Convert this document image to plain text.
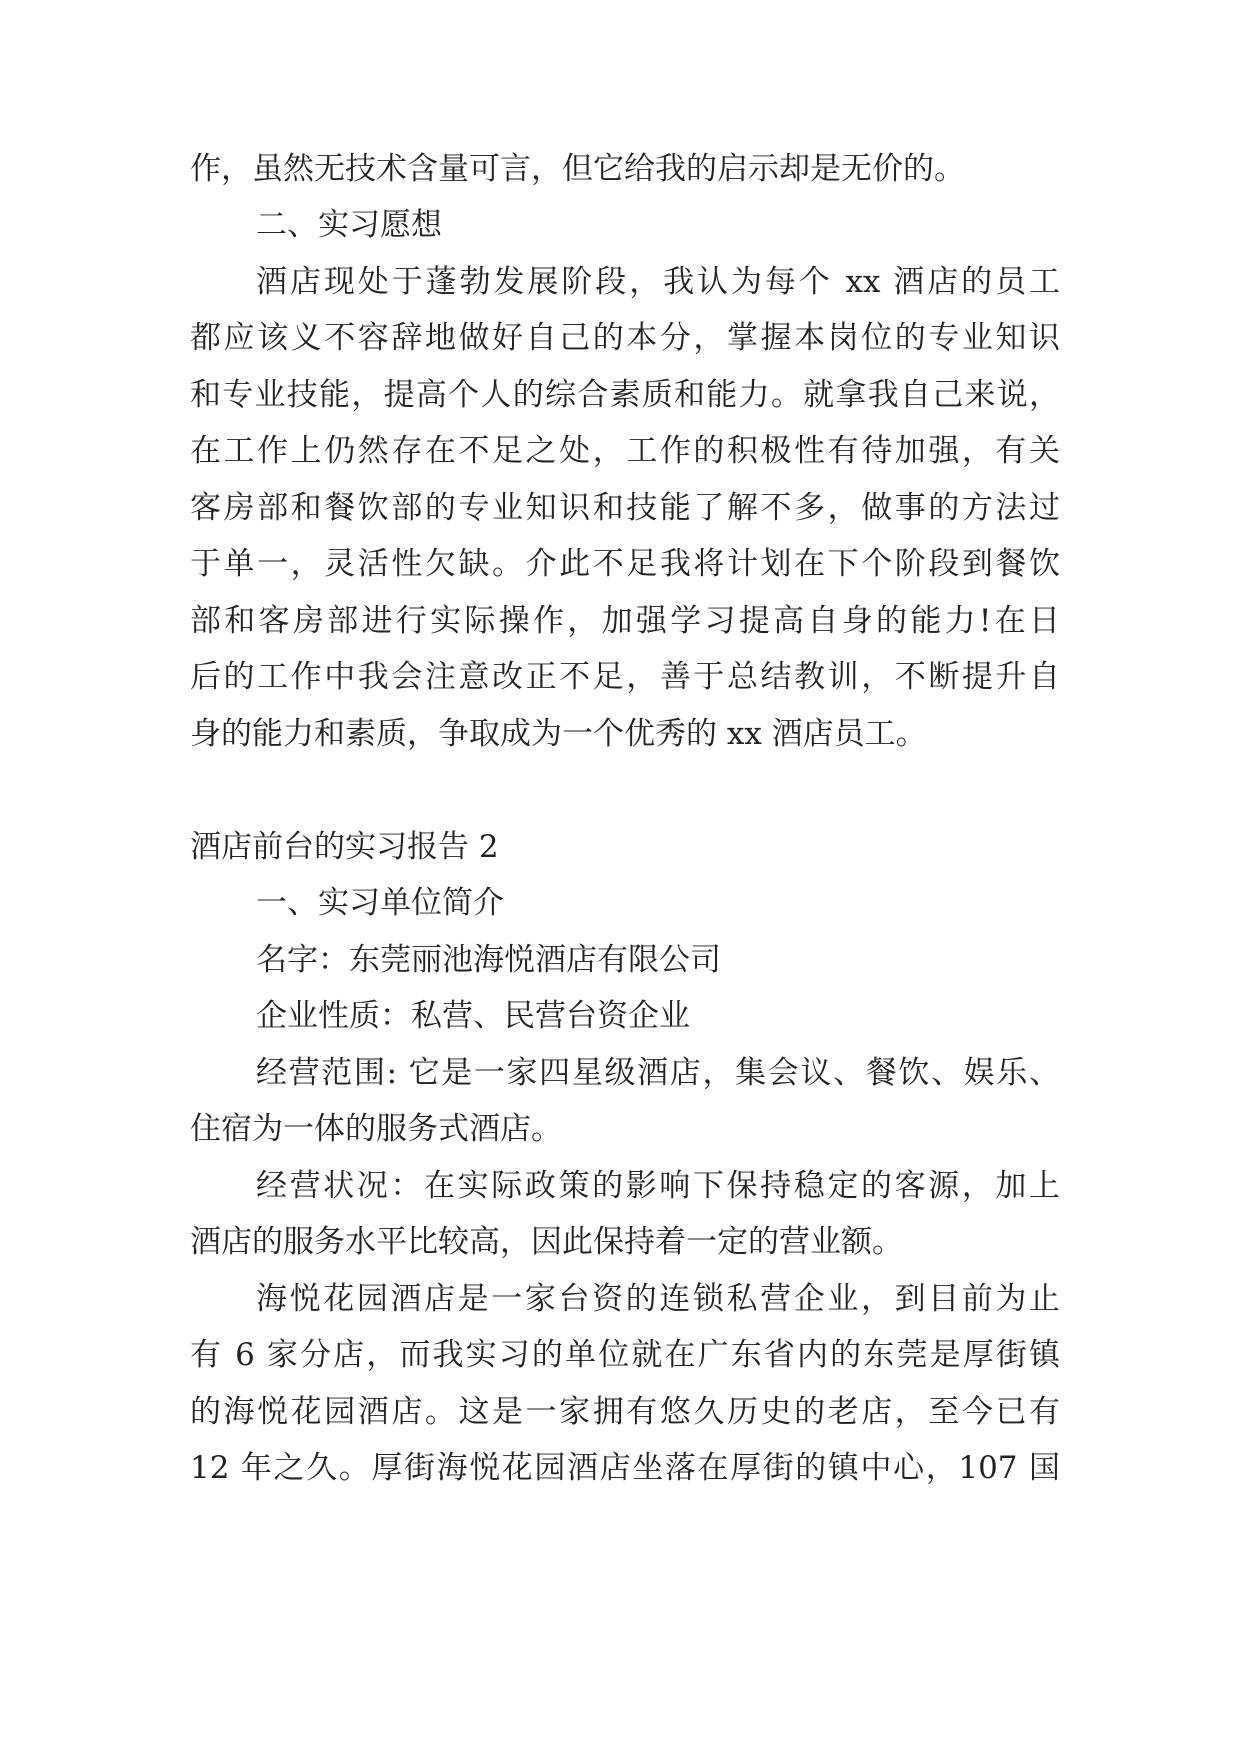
作，虽然无技术含量可言，但它给我的启示却是无价的。
二、实习愿想
酒店现处于蓬勃发展阶段，我认为每个 xx 酒店的员工
都应该义不容辞地做好自己的本分，掌握本岗位的专业知识
和专业技能，提高个人的综合素质和能力。就拿我自己来说，
在工作上仍然存在不足之处，工作的积极性有待加强，有关
客房部和餐饮部的专业知识和技能了解不多，做事的方法过
于单一，灵活性欠缺。介此不足我将计划在下个阶段到餐饮
部和客房部进行实际操作，加强学习提高自身的能力!在日
后的工作中我会注意改正不足，善于总结教训，不断提升自
身的能力和素质，争取成为一个优秀的 xx 酒店员工。
酒店前台的实习报告 2
一、实习单位简介
名字：东莞丽池海悦酒店有限公司
企业性质：私营、民营台资企业
经营范围: 它是一家四星级酒店，集会议、餐饮、娱乐、
住宿为一体的服务式酒店。
经营状况：在实际政策的影响下保持稳定的客源，加上
酒店的服务水平比较高，因此保持着一定的营业额。
海悦花园酒店是一家台资的连锁私营企业，到目前为止
有 6 家分店，而我实习的单位就在广东省内的东莞是厚街镇
的海悦花园酒店。这是一家拥有悠久历史的老店，至今已有
12 年之久。厚街海悦花园酒店坐落在厚街的镇中心，107 国
